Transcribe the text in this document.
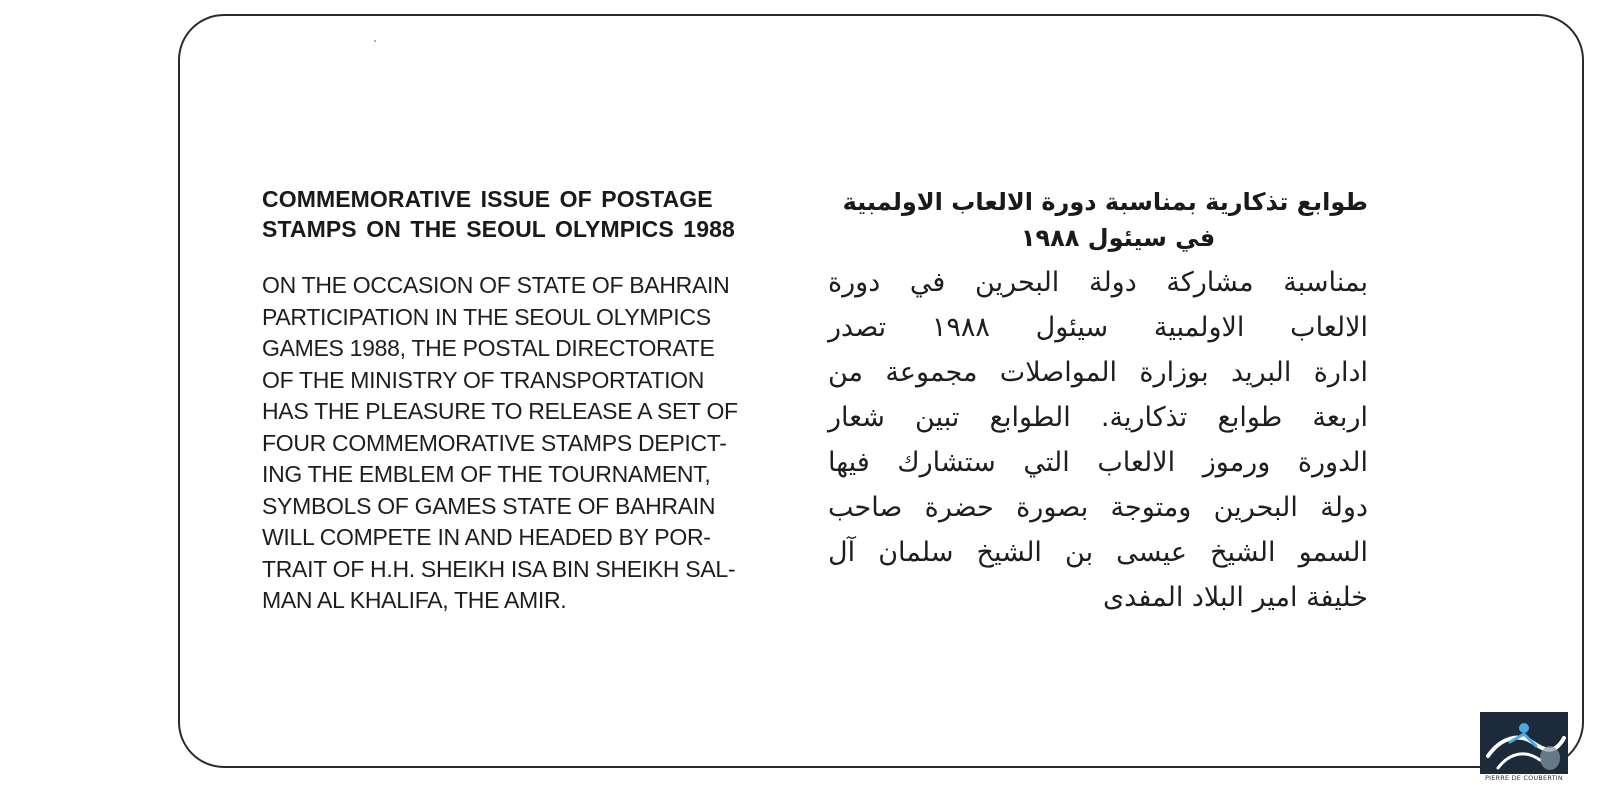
COMMEMORATIVE ISSUE OF POSTAGE
STAMPS ON THE SEOUL OLYMPICS 1988
ON THE OCCASION OF STATE OF BAHRAIN
PARTICIPATION IN THE SEOUL OLYMPICS
GAMES 1988, THE POSTAL DIRECTORATE
OF THE MINISTRY OF TRANSPORTATION
HAS THE PLEASURE TO RELEASE A SET OF
FOUR COMMEMORATIVE STAMPS DEPICT-
ING THE EMBLEM OF THE TOURNAMENT,
SYMBOLS OF GAMES STATE OF BAHRAIN
WILL COMPETE IN AND HEADED BY POR-
TRAIT OF H.H. SHEIKH ISA BIN SHEIKH SAL-
MAN AL KHALIFA, THE AMIR.
طوابع تذكارية بمناسبة دورة الالعاب الاولمبية
في سيئول ١٩٨٨
بمناسبة مشاركة دولة البحرين في دورة
الالعاب الاولمبية سيئول ١٩٨٨ تصدر
ادارة البريد بوزارة المواصلات مجموعة من
اربعة طوابع تذكارية. الطوابع تبين شعار
الدورة ورموز الالعاب التي ستشارك فيها
دولة البحرين ومتوجة بصورة حضرة صاحب
السمو الشيخ عيسى بن الشيخ سلمان آل
خليفة امير البلاد المفدى
PIERRE DE COUBERTIN
